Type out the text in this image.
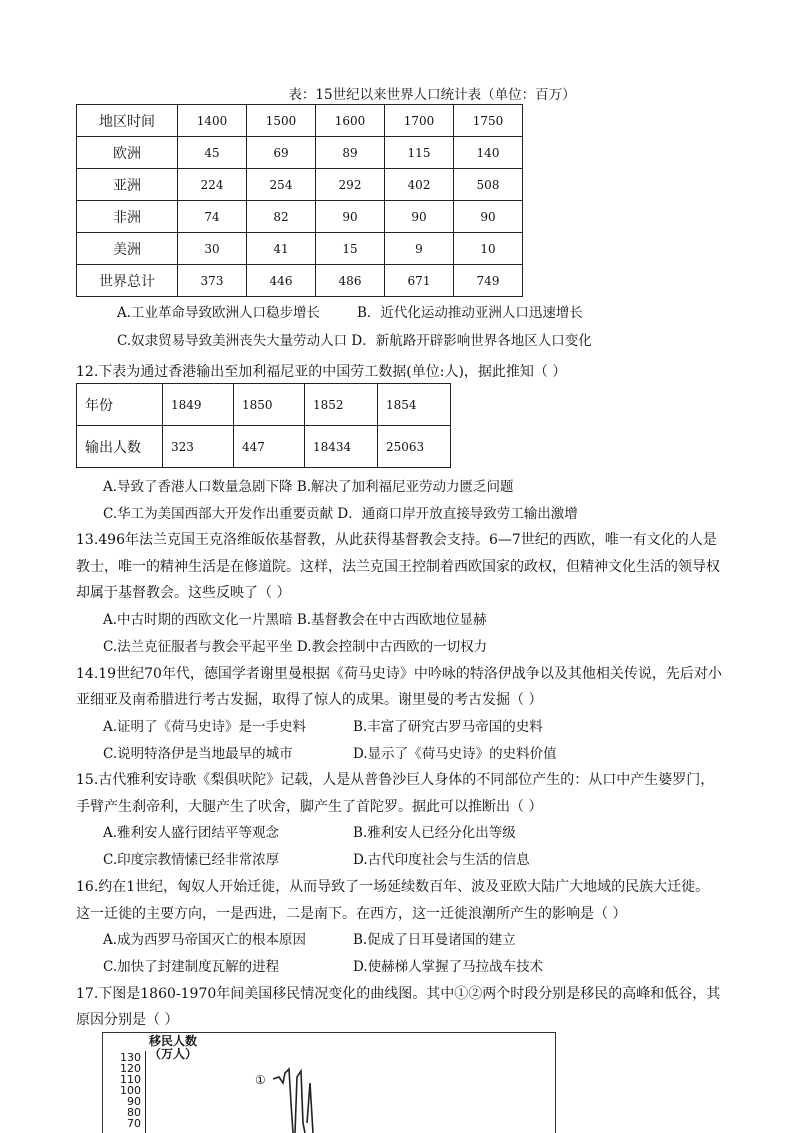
表：15世纪以来世界人口统计表（单位：百万）
地区时间	1400	1500	1600	1700	1750
欧洲	45	69	89	115	140
亚洲	224	254	292	402	508
非洲	74	82	90	90	90
美洲	30	41	15	9	10
世界总计	373	446	486	671	749
A.工业革命导致欧洲人口稳步增长	B．近代化运动推动亚洲人口迅速增长
C.奴隶贸易导致美洲丧失大量劳动人口 D．新航路开辟影响世界各地区人口变化
12.下表为通过香港输出至加利福尼亚的中国劳工数据(单位:人)，据此推知（ ）
年份	1849	1850	1852	1854
输出人数	323	447	18434	25063
A.导致了香港人口数量急剧下降 B.解决了加利福尼亚劳动力匮乏问题
C.华工为美国西部大开发作出重要贡献 D．通商口岸开放直接导致劳工输出激增
13.496年法兰克国王克洛维皈依基督教，从此获得基督教会支持。6—7世纪的西欧，唯一有文化的人是
教士，唯一的精神生活是在修道院。这样，法兰克国王控制着西欧国家的政权，但精神文化生活的领导权
却属于基督教会。这些反映了（ ）
A.中古时期的西欧文化一片黑暗 B.基督教会在中古西欧地位显赫
C.法兰克征服者与教会平起平坐 D.教会控制中古西欧的一切权力
14.19世纪70年代，德国学者谢里曼根据《荷马史诗》中吟咏的特洛伊战争以及其他相关传说，先后对小
亚细亚及南希腊进行考古发掘，取得了惊人的成果。谢里曼的考古发掘（ ）
A.证明了《荷马史诗》是一手史料	B.丰富了研究古罗马帝国的史料
C.说明特洛伊是当地最早的城市	D.显示了《荷马史诗》的史料价值
15.古代雅利安诗歌《梨俱吠陀》记载，人是从普鲁沙巨人身体的不同部位产生的：从口中产生婆罗门，
手臂产生刹帝利，大腿产生了吠舍，脚产生了首陀罗。据此可以推断出（ ）
A.雅利安人盛行团结平等观念	B.雅利安人已经分化出等级
C.印度宗教情愫已经非常浓厚	D.古代印度社会与生活的信息
16.约在1世纪，匈奴人开始迁徙，从而导致了一场延续数百年、波及亚欧大陆广大地域的民族大迁徙。
这一迁徙的主要方向，一是西进，二是南下。在西方，这一迁徙浪潮所产生的影响是（ ）
A.成为西罗马帝国灭亡的根本原因	B.促成了日耳曼诸国的建立
C.加快了封建制度瓦解的进程	D.使赫梯人掌握了马拉战车技术
17.下图是1860-1970年间美国移民情况变化的曲线图。其中①②两个时段分别是移民的高峰和低谷，其
原因分别是（ ）
移民人数
（万人）
130
120
110
100
90
80
70
①
